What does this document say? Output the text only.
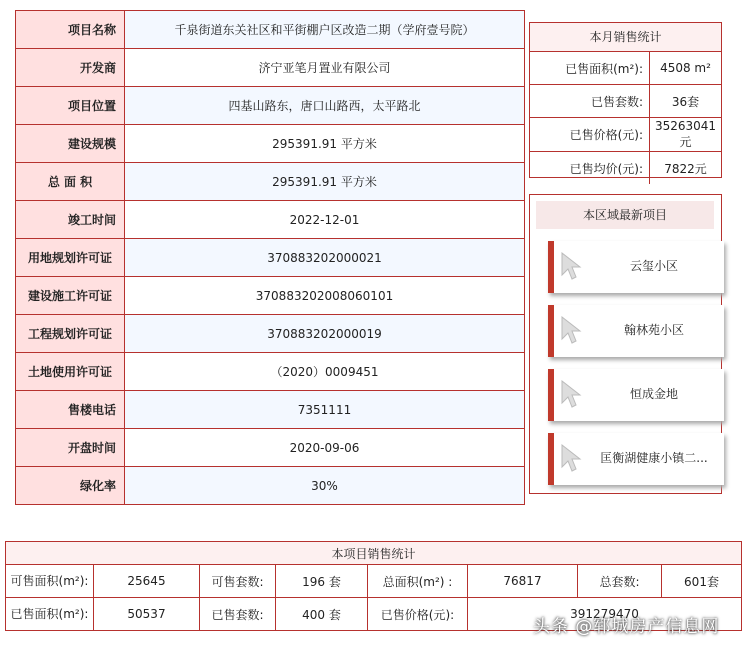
项目名称	千泉街道东关社区和平街棚户区改造二期（学府壹号院）
开发商	济宁亚笔月置业有限公司
项目位置	四基山路东，唐口山路西，太平路北
建设规模	295391.91 平方米
总 面 积	295391.91 平方米
竣工时间	2022-12-01
用地规划许可证	370883202000021
建设施工许可证	370883202008060101
工程规划许可证	370883202000019
土地使用许可证	（2020）0009451
售楼电话	7351111
开盘时间	2020-09-06
绿化率	30%
本月销售统计
已售面积(m²):	4508 m²
已售套数:	36套
已售价格(元):	35263041元
已售均价(元):	7822元
本区域最新项目
云玺小区
翰林苑小区
恒成金地
匡衡湖健康小镇二...
本项目销售统计							
可售面积(m²):	25645	可售套数:	196 套	总面积(m²) :	76817	总套数:	601套
已售面积(m²):	50537	已售套数:	400 套	已售价格(元):	391279470		
头条 @郓城房产信息网
